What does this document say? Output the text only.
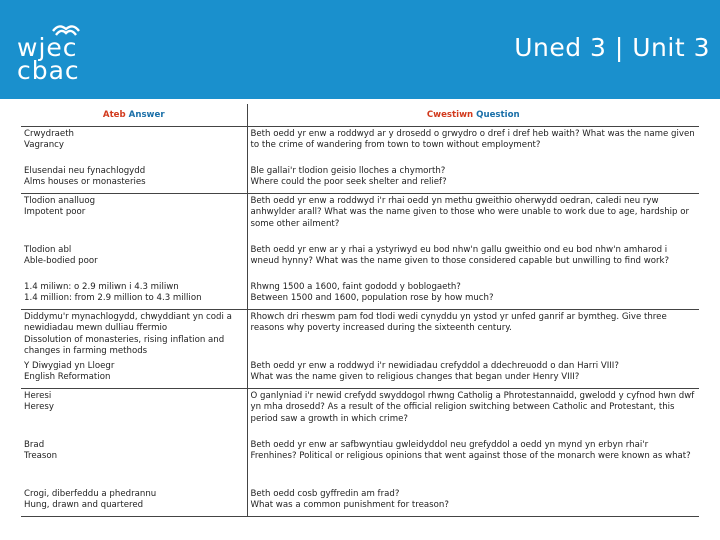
wjec
cbac
Uned 3 | Unit 3
Ateb Answer	Cwestiwn Question

Crwydraeth
Vagrancy	Beth oedd yr enw a roddwyd ar y drosedd o grwydro o dref i dref heb waith? What was the name given to the crime of wandering from town to town without employment?

Elusendai neu fynachlogydd
Alms houses or monasteries	Ble gallai'r tlodion geisio lloches a chymorth?
Where could the poor seek shelter and relief?

Tlodion analluog
Impotent poor	Beth oedd yr enw a roddwyd i'r rhai oedd yn methu gweithio oherwydd oedran, caledi neu ryw anhwylder arall? What was the name given to those who were unable to work due to age, hardship or some other ailment?

Tlodion abl
Able-bodied poor	Beth oedd yr enw ar y rhai a ystyriwyd eu bod nhw'n gallu gweithio ond eu bod nhw'n amharod i wneud hynny? What was the name given to those considered capable but unwilling to find work?

1.4 miliwn: o 2.9 miliwn i 4.3 miliwn
1.4 million: from 2.9 million to 4.3 million	Rhwng 1500 a 1600, faint gododd y boblogaeth?
Between 1500 and 1600, population rose by how much?

Diddymu'r mynachlogydd, chwyddiant yn codi a newidiadau mewn dulliau ffermio
Dissolution of monasteries, rising inflation and changes in farming methods	Rhowch dri rheswm pam fod tlodi wedi cynyddu yn ystod yr unfed ganrif ar bymtheg. Give three reasons why poverty increased during the sixteenth century.

Y Diwygiad yn Lloegr
English Reformation	Beth oedd yr enw a roddwyd i'r newidiadau crefyddol a ddechreuodd o dan Harri VIII?
What was the name given to religious changes that began under Henry VIII?

Heresi
Heresy	O ganlyniad i'r newid crefydd swyddogol rhwng Catholig a Phrotestannaidd, gwelodd y cyfnod hwn dwf yn mha drosedd? As a result of the official religion switching between Catholic and Protestant, this period saw a growth in which crime?

Brad
Treason	Beth oedd yr enw ar safbwyntiau gwleidyddol neu grefyddol a oedd yn mynd yn erbyn rhai'r Frenhines? Political or religious opinions that went against those of the monarch were known as what?

Crogi, diberfeddu a phedrannu
Hung, drawn and quartered	Beth oedd cosb gyffredin am frad?
What was a common punishment for treason?
